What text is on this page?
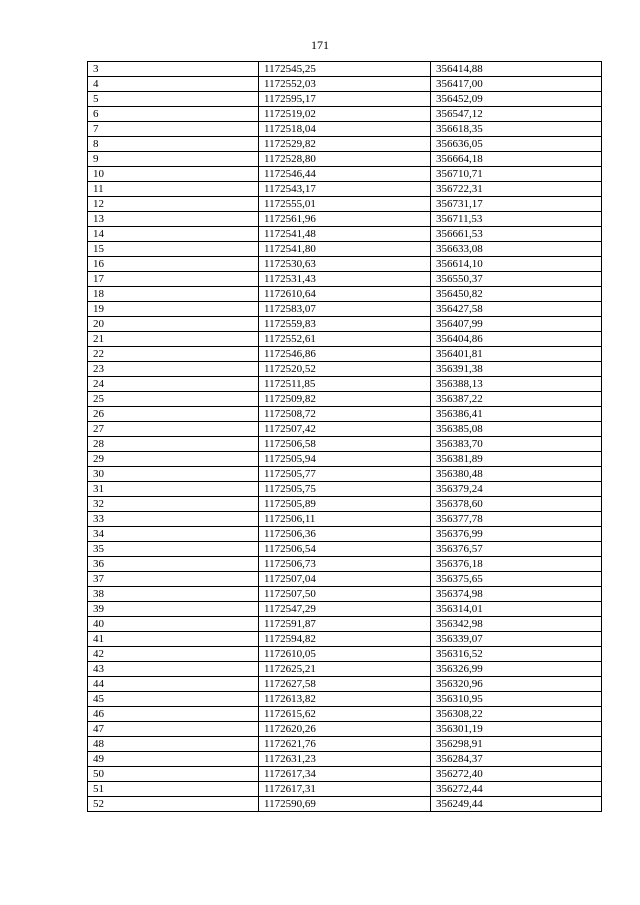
171
3	1172545,25	356414,88
4	1172552,03	356417,00
5	1172595,17	356452,09
6	1172519,02	356547,12
7	1172518,04	356618,35
8	1172529,82	356636,05
9	1172528,80	356664,18
10	1172546,44	356710,71
11	1172543,17	356722,31
12	1172555,01	356731,17
13	1172561,96	356711,53
14	1172541,48	356661,53
15	1172541,80	356633,08
16	1172530,63	356614,10
17	1172531,43	356550,37
18	1172610,64	356450,82
19	1172583,07	356427,58
20	1172559,83	356407,99
21	1172552,61	356404,86
22	1172546,86	356401,81
23	1172520,52	356391,38
24	1172511,85	356388,13
25	1172509,82	356387,22
26	1172508,72	356386,41
27	1172507,42	356385,08
28	1172506,58	356383,70
29	1172505,94	356381,89
30	1172505,77	356380,48
31	1172505,75	356379,24
32	1172505,89	356378,60
33	1172506,11	356377,78
34	1172506,36	356376,99
35	1172506,54	356376,57
36	1172506,73	356376,18
37	1172507,04	356375,65
38	1172507,50	356374,98
39	1172547,29	356314,01
40	1172591,87	356342,98
41	1172594,82	356339,07
42	1172610,05	356316,52
43	1172625,21	356326,99
44	1172627,58	356320,96
45	1172613,82	356310,95
46	1172615,62	356308,22
47	1172620,26	356301,19
48	1172621,76	356298,91
49	1172631,23	356284,37
50	1172617,34	356272,40
51	1172617,31	356272,44
52	1172590,69	356249,44
